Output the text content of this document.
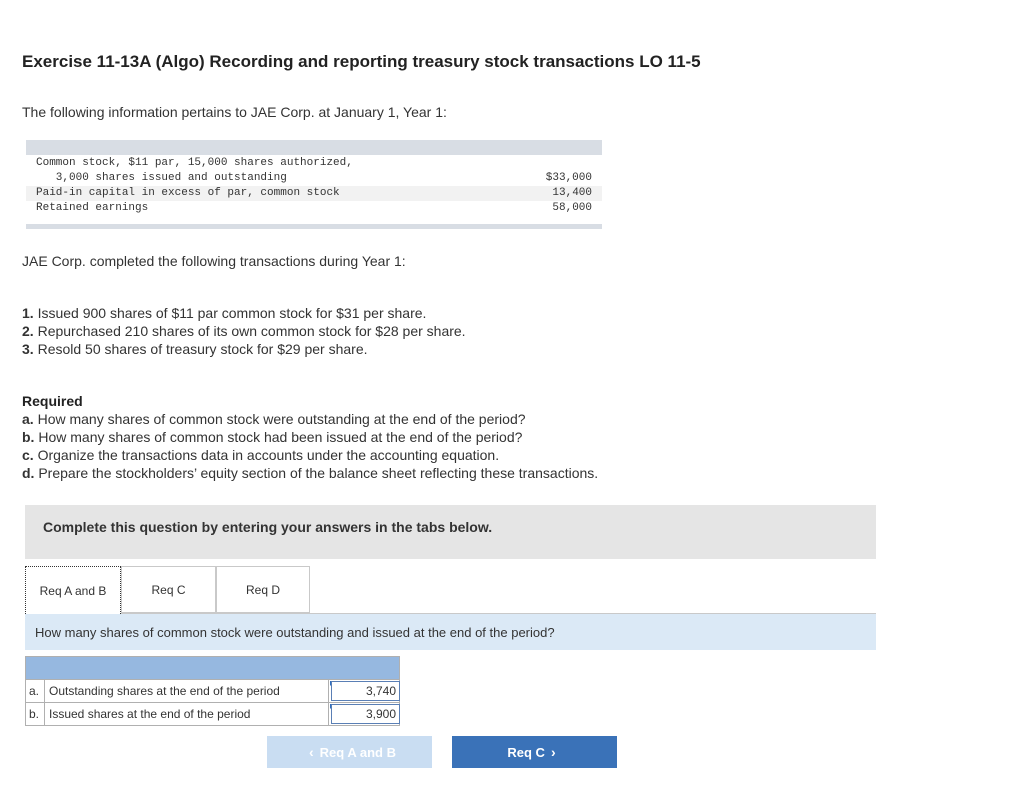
Exercise 11-13A (Algo) Recording and reporting treasury stock transactions LO 11-5
The following information pertains to JAE Corp. at January 1, Year 1:
Common stock, $11 par, 15,000 shares authorized,
3,000 shares issued and outstanding	$33,000
Paid-in capital in excess of par, common stock	13,400
Retained earnings	58,000
JAE Corp. completed the following transactions during Year 1:
1. Issued 900 shares of $11 par common stock for $31 per share.
2. Repurchased 210 shares of its own common stock for $28 per share.
3. Resold 50 shares of treasury stock for $29 per share.
Required
a. How many shares of common stock were outstanding at the end of the period?
b. How many shares of common stock had been issued at the end of the period?
c. Organize the transactions data in accounts under the accounting equation.
d. Prepare the stockholders’ equity section of the balance sheet reflecting these transactions.
Complete this question by entering your answers in the tabs below.
Req A and B	Req C	Req D
How many shares of common stock were outstanding and issued at the end of the period?
a. Outstanding shares at the end of the period	3,740
b. Issued shares at the end of the period	3,900
‹ Req A and B	Req C ›
